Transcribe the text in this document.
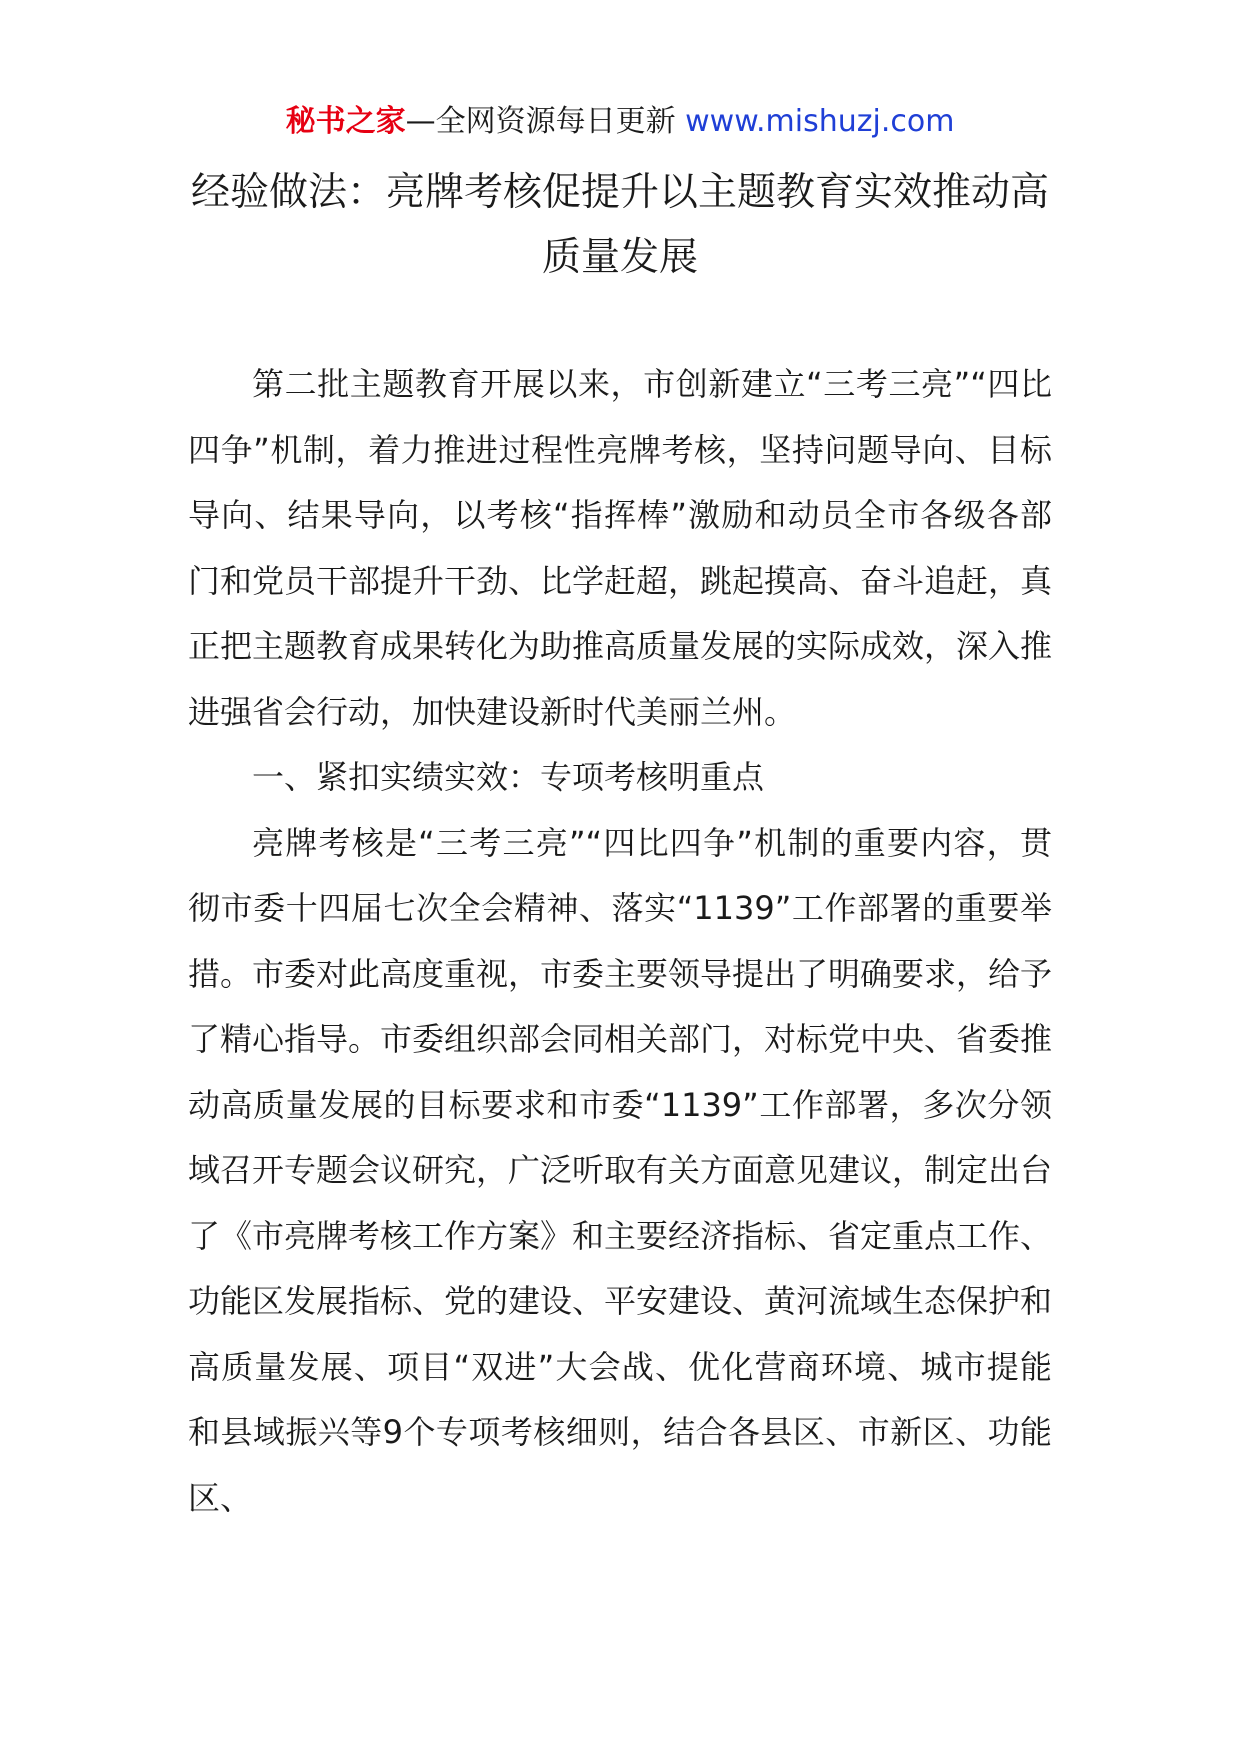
秘书之家—全网资源每日更新 www.mishuzj.com
经验做法：亮牌考核促提升以主题教育实效推动高质量发展

第二批主题教育开展以来，市创新建立“三考三亮”“四比四争”机制，着力推进过程性亮牌考核，坚持问题导向、目标导向、结果导向，以考核“指挥棒”激励和动员全市各级各部门和党员干部提升干劲、比学赶超，跳起摸高、奋斗追赶，真正把主题教育成果转化为助推高质量发展的实际成效，深入推进强省会行动，加快建设新时代美丽兰州。

一、紧扣实绩实效：专项考核明重点

亮牌考核是“三考三亮”“四比四争”机制的重要内容，贯彻市委十四届七次全会精神、落实“1139”工作部署的重要举措。市委对此高度重视，市委主要领导提出了明确要求，给予了精心指导。市委组织部会同相关部门，对标党中央、省委推动高质量发展的目标要求和市委“1139”工作部署，多次分领域召开专题会议研究，广泛听取有关方面意见建议，制定出台了《市亮牌考核工作方案》和主要经济指标、省定重点工作、功能区发展指标、党的建设、平安建设、黄河流域生态保护和高质量发展、项目“双进”大会战、优化营商环境、城市提能和县域振兴等9个专项考核细则，结合各县区、市新区、功能区、
